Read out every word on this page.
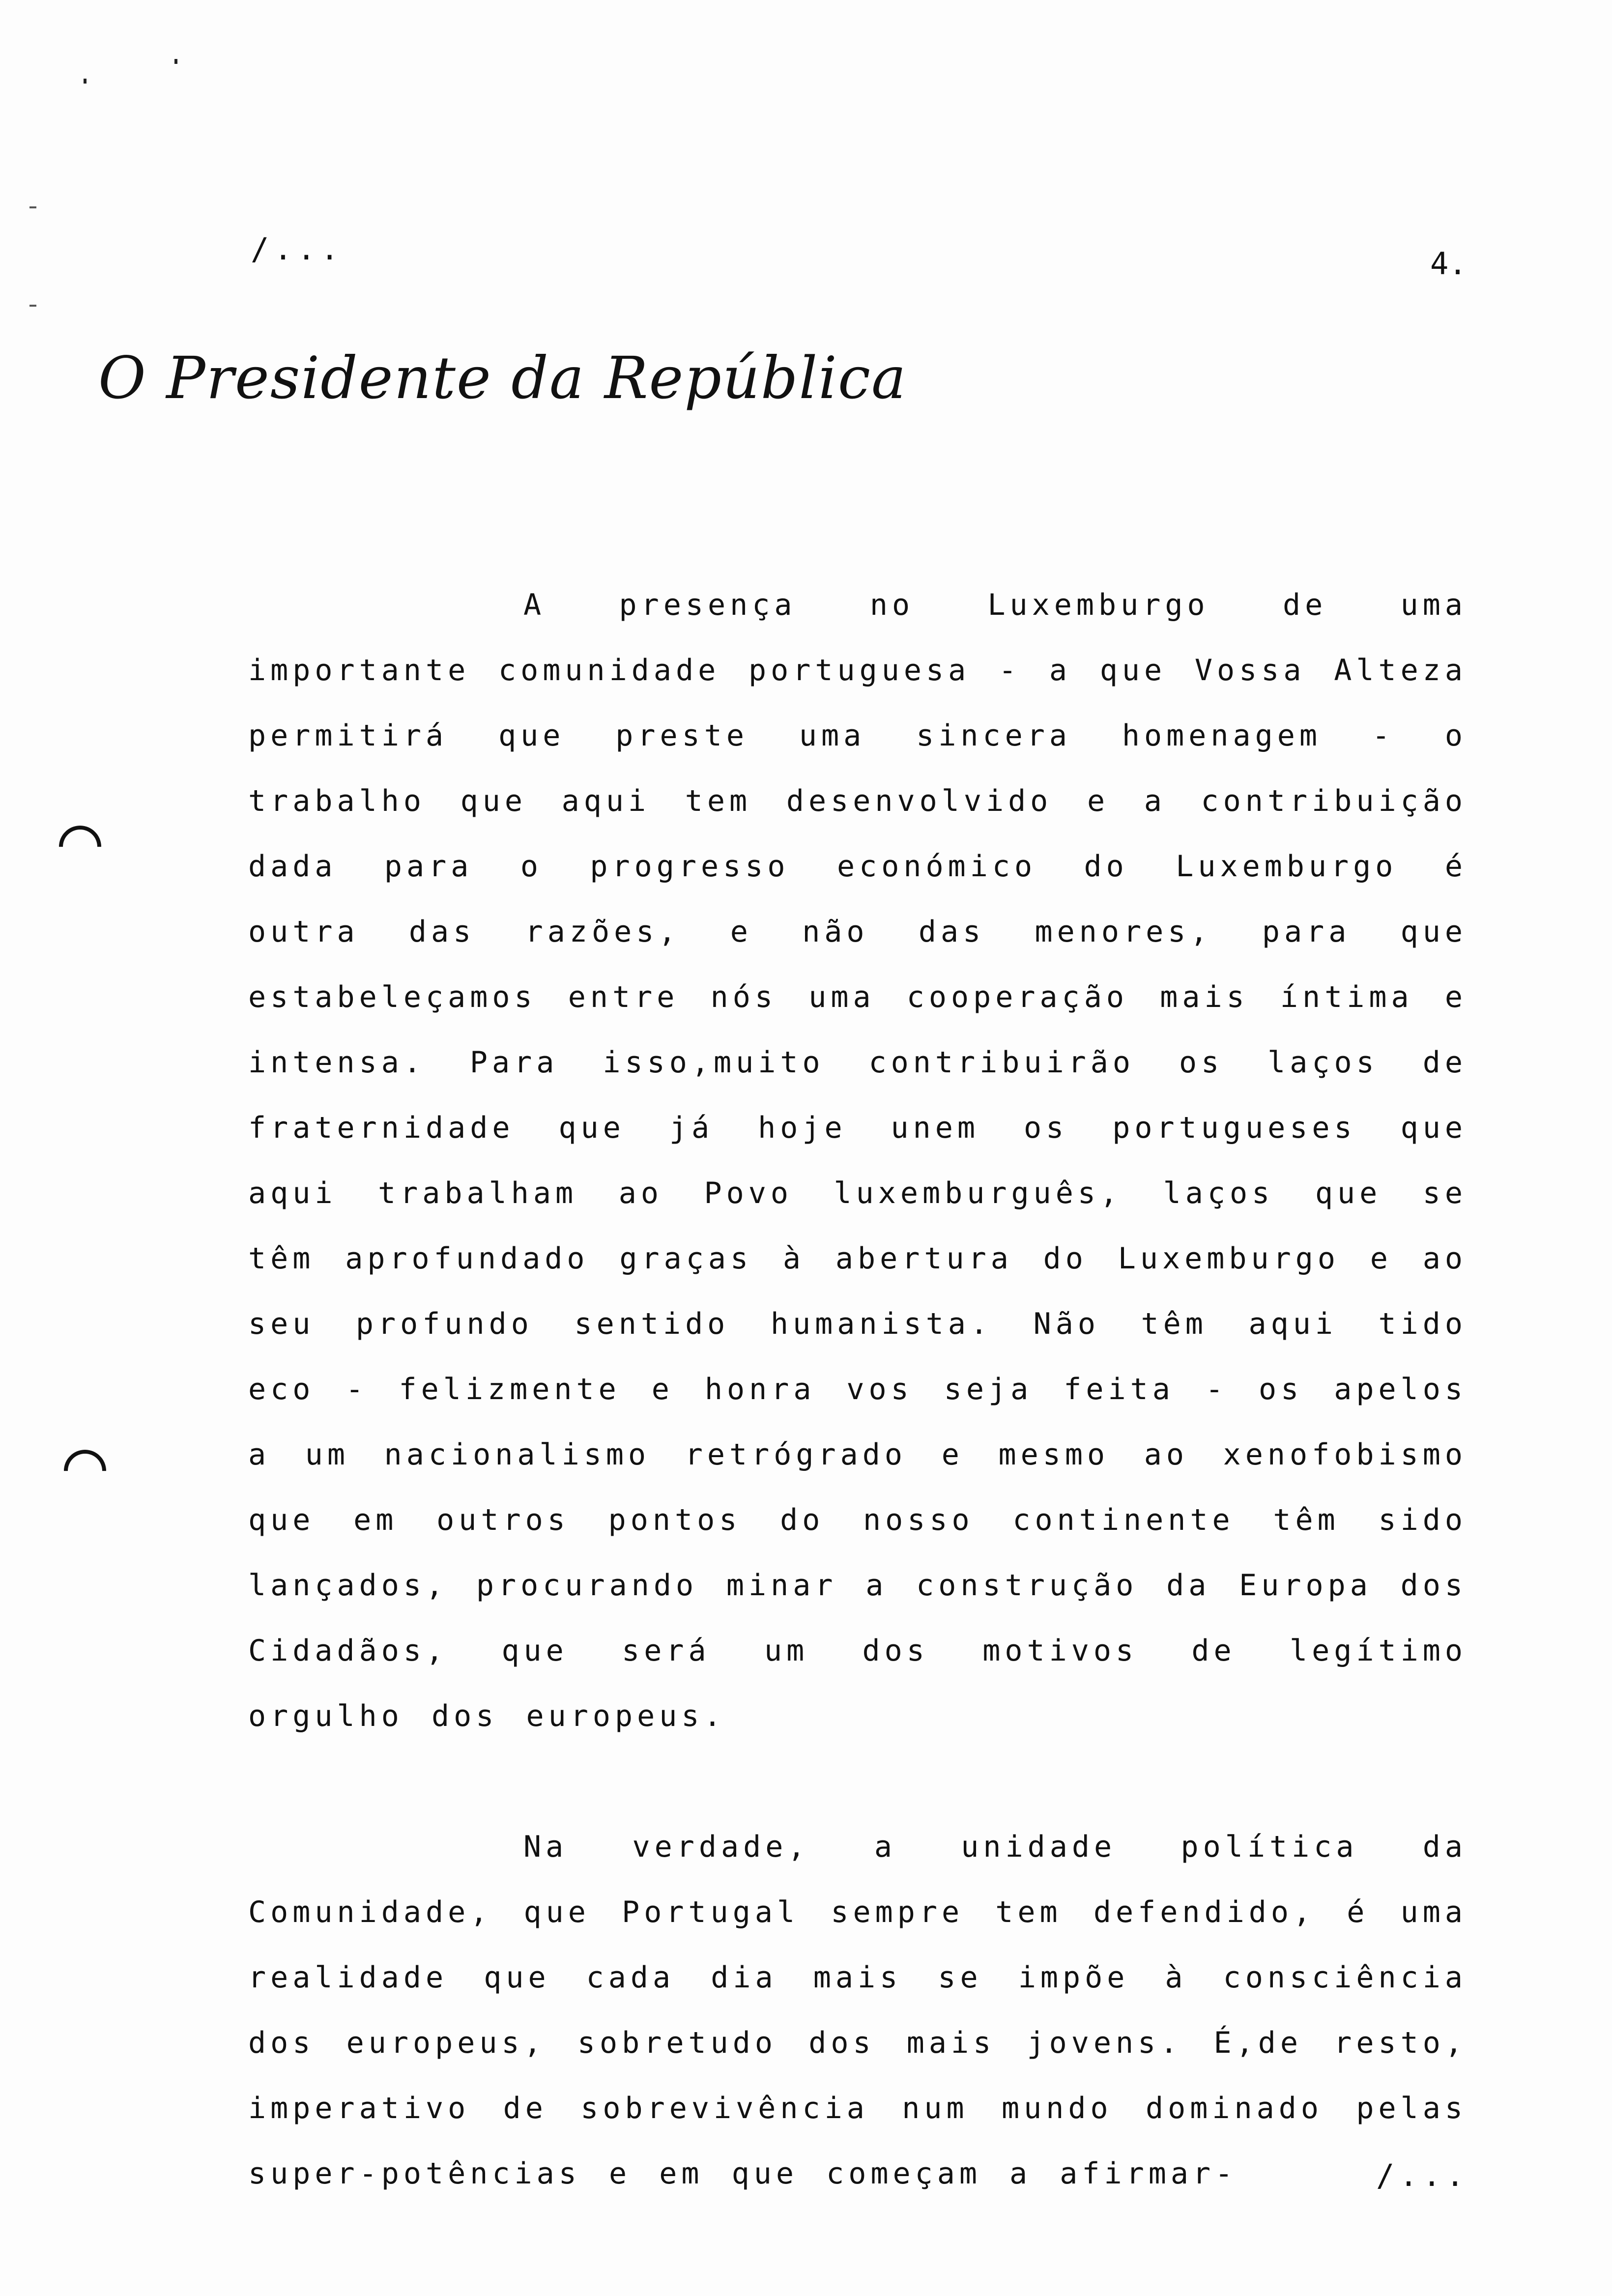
/...	4.
O Presidente da República

A presença no Luxemburgo de uma importante comunidade portuguesa - a que Vossa Alteza permitirá que preste uma sincera homenagem - o trabalho que aqui tem desenvolvido e a contribuição dada para o progresso económico do Luxemburgo é outra das razões, e não das menores, para que estabeleçamos entre nós uma cooperação mais íntima e intensa. Para isso,muito contribuirão os laços de fraternidade que já hoje unem os portugueses que aqui trabalham ao Povo luxemburguês, laços que se têm aprofundado graças à abertura do Luxemburgo e ao seu profundo sentido humanista. Não têm aqui tido eco - felizmente e honra vos seja feita - os apelos a um nacionalismo retrógrado e mesmo ao xenofobismo que em outros pontos do nosso continente têm sido lançados, procurando minar a construção da Europa dos Cidadãos, que será um dos motivos de legítimo orgulho dos europeus.

Na verdade, a unidade política da Comunidade, que Portugal sempre tem defendido, é uma realidade que cada dia mais se impõe à consciência dos europeus, sobretudo dos mais jovens. É,de resto, imperativo de sobrevivência num mundo dominado pelas super-potências e em que começam a afirmar-	/...
